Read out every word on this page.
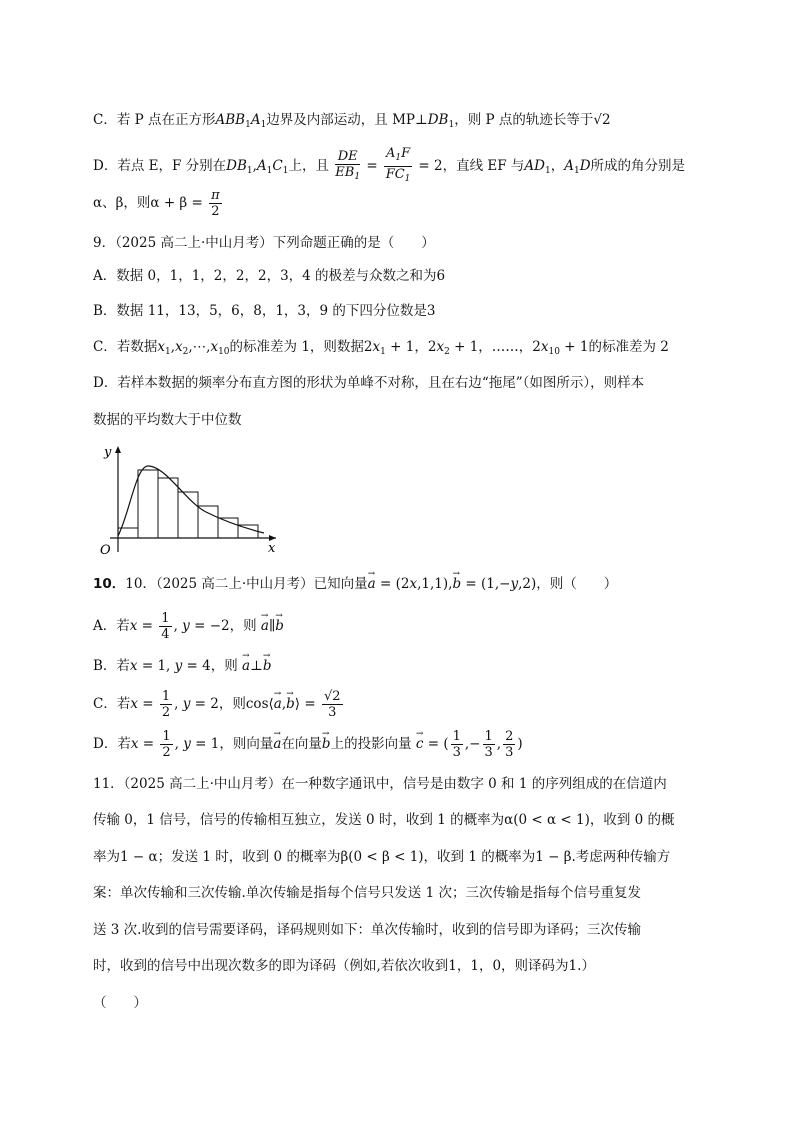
C．若 P 点在正方形$ABB_1A_1$边界及内部运动，且 $MP\perp DB_1$，则 P 点的轨迹长等于√2
D．若点 E，F 分别在$DB_1,A_1C_1$上，且 $\frac{DE}{EB_1} = \frac{A_1F}{FC_1} = 2$，直线 EF 与$AD_1$，$A_1D$所成的角分别是
α、β，则$\alpha + \beta = \frac{\pi}{2}$
9．（2025 高二上·中山月考）下列命题正确的是（　　）
A．数据 0，1，1，2，2，2，3，4 的极差与众数之和为6
B．数据 11，13，5，6，8，1，3，9 的下四分位数是3
C．若数据$x_1,x_2,\cdots,x_{10}$的标准差为 1，则数据$2x_1 + 1$，$2x_2 + 1$，……，$2x_{10} + 1$的标准差为 2
D．若样本数据的频率分布直方图的形状为单峰不对称，且在右边“拖尾”（如图所示），则样本
数据的平均数大于中位数
y
x
O
10．10．（2025 高二上·中山月考）已知向量→ a = (2x,1,1),→ b = (1,−y,2)，则（　　）
A．若$x = \frac{1}{4}$ , y = −2，则 → a∥→ b
B．若x = 1, y = 4，则 → a⊥→ b
C．若$x = \frac{1}{2}$ , y = 2，则cos⟨→ a,→ b⟩ = $\frac{√2}{3}$
D．若$x = \frac{1}{2}$ , y = 1，则向量→ a在向量→ b上的投影向量 → c = ( $\frac{1}{3}$ ,− $\frac{1}{3}$ , $\frac{2}{3}$ )
11．（2025 高二上·中山月考）在一种数字通讯中，信号是由数字 0 和 1 的序列组成的在信道内
传输 0，1 信号，信号的传输相互独立，发送 0 时，收到 1 的概率为α(0 < α < 1)，收到 0 的概
率为1 − α；发送 1 时，收到 0 的概率为β(0 < β < 1)，收到 1 的概率为1 − β.考虑两种传输方
案：单次传输和三次传输.单次传输是指每个信号只发送 1 次；三次传输是指每个信号重复发
送 3 次.收到的信号需要译码，译码规则如下：单次传输时，收到的信号即为译码；三次传输
时，收到的信号中出现次数多的即为译码（例如,若依次收到1，1，0，则译码为1.）
（　　）
